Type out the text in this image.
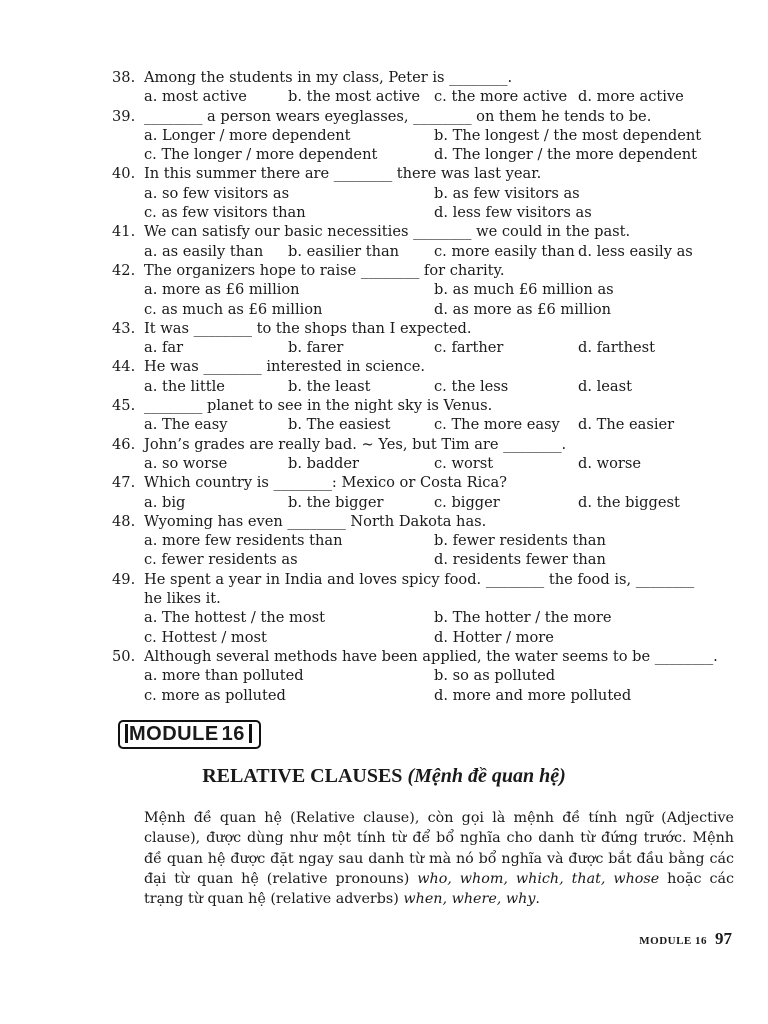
38. Among the students in my class, Peter is ________.
a. most active	b. the most active c. the more active d. more active
39. ________ a person wears eyeglasses, ________ on them he tends to be.
a. Longer / more dependent	b. The longest / the most dependent
c. The longer / more dependent	d. The longer / the more dependent
40. In this summer there are ________ there was last year.
a. so few visitors as	b. as few visitors as
c. as few visitors than	d. less few visitors as
41. We can satisfy our basic necessities ________ we could in the past.
a. as easily than b. easilier than c. more easily than d. less easily as
42. The organizers hope to raise ________ for charity.
a. more as £6 million	b. as much £6 million as
c. as much as £6 million	d. as more as £6 million
43. It was ________ to the shops than I expected.
a. far	b. farer	c. farther	d. farthest
44. He was ________ interested in science.
a. the little	b. the least	c. the less	d. least
45. ________ planet to see in the night sky is Venus.
a. The easy	b. The easiest	c. The more easy d. The easier
46. John’s grades are really bad. ~ Yes, but Tim are ________.
a. so worse	b. badder	c. worst	d. worse
47. Which country is ________: Mexico or Costa Rica?
a. big	b. the bigger	c. bigger	d. the biggest
48. Wyoming has even ________ North Dakota has.
a. more few residents than	b. fewer residents than
c. fewer residents as	d. residents fewer than
49. He spent a year in India and loves spicy food. ________ the food is, ________
he likes it.
a. The hottest / the most	b. The hotter / the more
c. Hottest / most	d. Hotter / more
50. Although several methods have been applied, the water seems to be ________.
a. more than polluted	b. so as polluted
c. more as polluted	d. more and more polluted
MODULE 16
RELATIVE CLAUSES (Mệnh đề quan hệ)

Mệnh đề quan hệ (Relative clause), còn gọi là mệnh đề tính ngữ (Adjective clause), được dùng như một tính từ để bổ nghĩa cho danh từ đứng trước. Mệnh đề quan hệ được đặt ngay sau danh từ mà nó bổ nghĩa và được bắt đầu bằng các đại từ quan hệ (relative pronouns) who, whom, which, that, whose hoặc các trạng từ quan hệ (relative adverbs) when, where, why.

MODULE 16 97
